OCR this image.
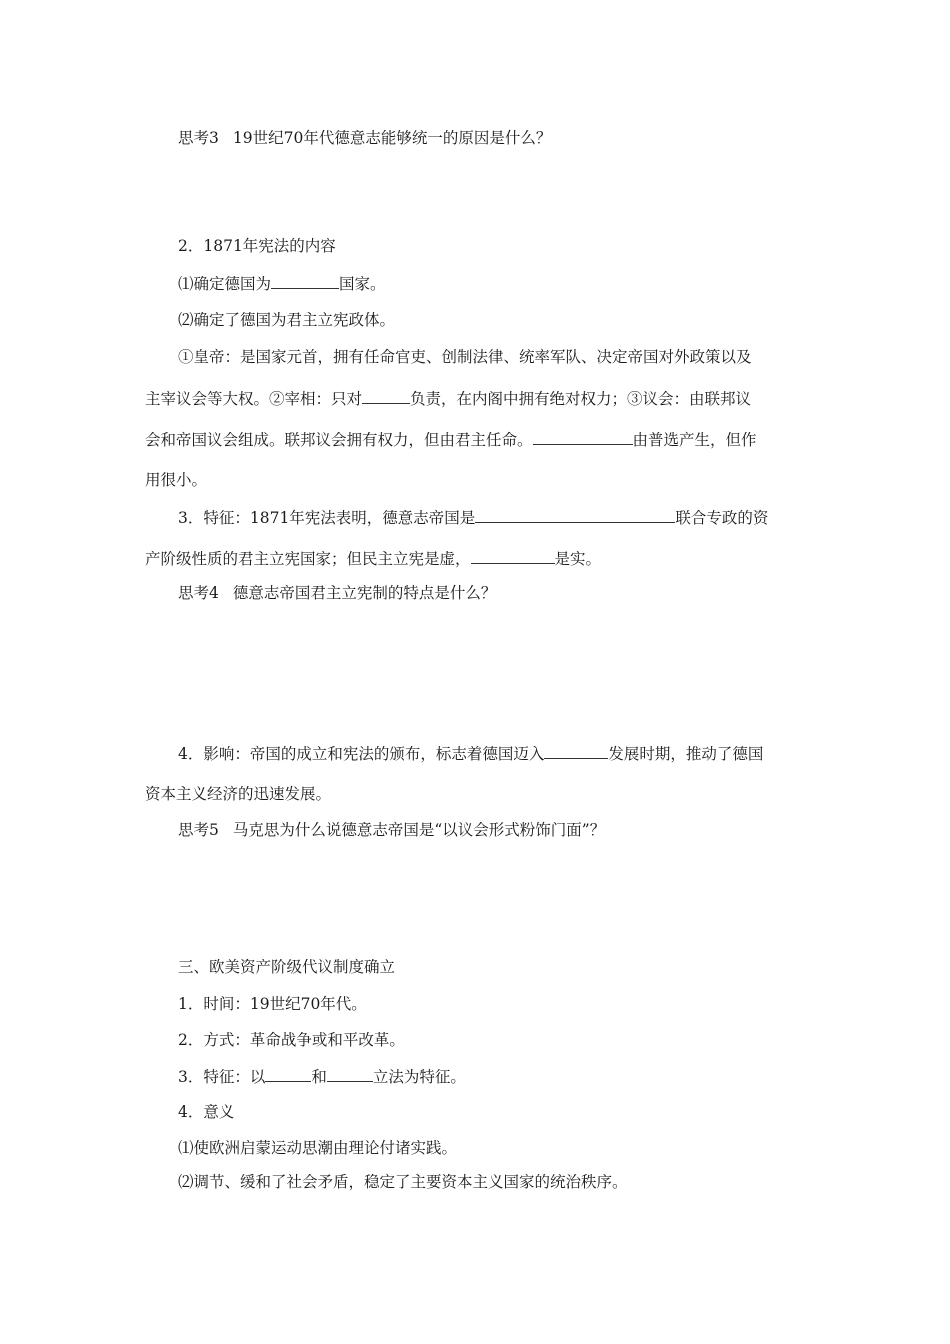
思考3 19世纪70年代德意志能够统一的原因是什么？
2．1871年宪法的内容
⑴确定德国为	国家。
⑵确定了德国为君主立宪政体。
①皇帝：是国家元首，拥有任命官吏、创制法律、统率军队、决定帝国对外政策以及
主宰议会等大权。②宰相：只对	负责，在内阁中拥有绝对权力；③议会：由联邦议
会和帝国议会组成。联邦议会拥有权力，但由君主任命。	由普选产生，但作
用很小。
3．特征：1871年宪法表明，德意志帝国是	联合专政的资
产阶级性质的君主立宪国家；但民主立宪是虚，	是实。
思考4 德意志帝国君主立宪制的特点是什么？
4．影响：帝国的成立和宪法的颁布，标志着德国迈入	发展时期，推动了德国
资本主义经济的迅速发展。
思考5 马克思为什么说德意志帝国是“以议会形式粉饰门面”？
三、欧美资产阶级代议制度确立
1．时间：19世纪70年代。
2．方式：革命战争或和平改革。
3．特征：以	和	立法为特征。
4．意义
⑴使欧洲启蒙运动思潮由理论付诸实践。
⑵调节、缓和了社会矛盾，稳定了主要资本主义国家的统治秩序。
